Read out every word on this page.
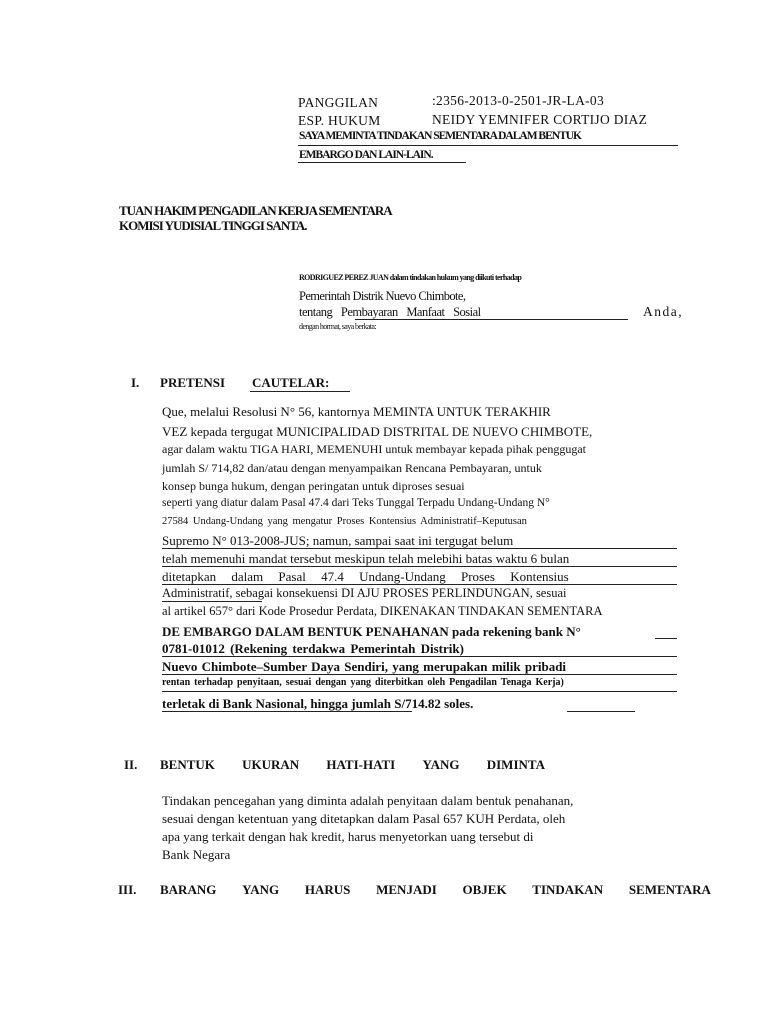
PANGGILAN	:2356-2013-0-2501-JR-LA-03
ESP. HUKUM	NEIDY YEMNIFER CORTIJO DIAZ
SAYA MEMINTA TINDAKAN SEMENTARA DALAM BENTUK
EMBARGO DAN LAIN-LAIN.
TUAN HAKIM PENGADILAN KERJA SEMENTARA
KOMISI YUDISIAL TINGGI SANTA.
RODRIGUEZ PEREZ JUAN dalam tindakan hukum yang diikuti terhadap
Pemerintah Distrik Nuevo Chimbote,
tentang Pembayaran Manfaat Sosial	Anda,
dengan hormat, saya berkata:
I. PRETENSI CAUTELAR:
Que, melalui Resolusi N° 56, kantornya MEMINTA UNTUK TERAKHIR
VEZ kepada tergugat MUNICIPALIDAD DISTRITAL DE NUEVO CHIMBOTE,
agar dalam waktu TIGA HARI, MEMENUHI untuk membayar kepada pihak penggugat
jumlah S/ 714,82 dan/atau dengan menyampaikan Rencana Pembayaran, untuk
konsep bunga hukum, dengan peringatan untuk diproses sesuai
seperti yang diatur dalam Pasal 47.4 dari Teks Tunggal Terpadu Undang-Undang N°
27584 Undang-Undang yang mengatur Proses Kontensius Administratif–Keputusan
Supremo N° 013-2008-JUS; namun, sampai saat ini tergugat belum
telah memenuhi mandat tersebut meskipun telah melebihi batas waktu 6 bulan
ditetapkan dalam Pasal 47.4 Undang-Undang Proses Kontensius
Administratif, sebagai konsekuensi DI AJU PROSES PERLINDUNGAN, sesuai
al artikel 657° dari Kode Prosedur Perdata, DIKENAKAN TINDAKAN SEMENTARA
DE EMBARGO DALAM BENTUK PENAHANAN pada rekening bank N°
0781-01012 (Rekening terdakwa Pemerintah Distrik)
Nuevo Chimbote–Sumber Daya Sendiri, yang merupakan milik pribadi
rentan terhadap penyitaan, sesuai dengan yang diterbitkan oleh Pengadilan Tenaga Kerja)
terletak di Bank Nasional, hingga jumlah S/714.82 soles.
II. BENTUK UKURAN HATI-HATI YANG DIMINTA
Tindakan pencegahan yang diminta adalah penyitaan dalam bentuk penahanan,
sesuai dengan ketentuan yang ditetapkan dalam Pasal 657 KUH Perdata, oleh
apa yang terkait dengan hak kredit, harus menyetorkan uang tersebut di
Bank Negara
III. BARANG YANG HARUS MENJADI OBJEK TINDAKAN SEMENTARA
